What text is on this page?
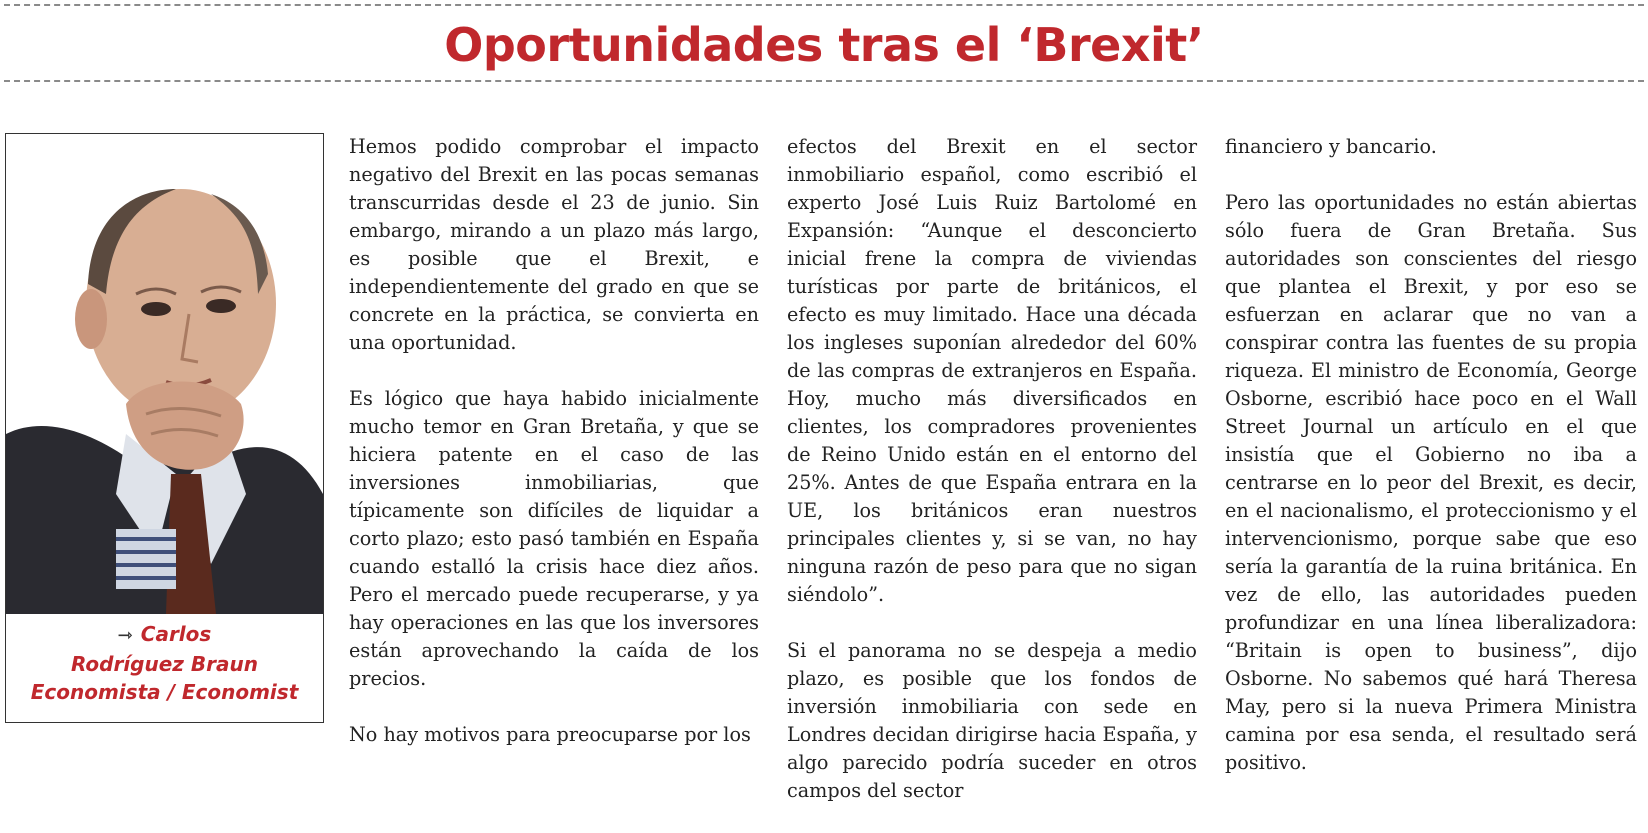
Oportunidades tras el ‘Brexit’
⇾ Carlos
Rodríguez Braun
Economista / Economist

Hemos podido comprobar el impacto negativo del Brexit en las pocas semanas transcurridas desde el 23 de junio. Sin embargo, mirando a un plazo más largo, es posible que el Brexit, e independientemente del grado en que se concrete en la práctica, se convierta en una oportunidad.

Es lógico que haya habido inicialmente mucho temor en Gran Bretaña, y que se hiciera patente en el caso de las inversiones inmobiliarias, que típicamente son difíciles de liquidar a corto plazo; esto pasó también en España cuando estalló la crisis hace diez años. Pero el mercado puede recuperarse, y ya hay operaciones en las que los inversores están aprovechando la caída de los precios.

No hay motivos para preocuparse por los

efectos del Brexit en el sector inmobiliario español, como escribió el experto José Luis Ruiz Bartolomé en Expansión: “Aunque el desconcierto inicial frene la compra de viviendas turísticas por parte de británicos, el efecto es muy limitado. Hace una década los ingleses suponían alrededor del 60% de las compras de extranjeros en España. Hoy, mucho más diversificados en clientes, los compradores provenientes de Reino Unido están en el entorno del 25%. Antes de que España entrara en la UE, los británicos eran nuestros principales clientes y, si se van, no hay ninguna razón de peso para que no sigan siéndolo”.

Si el panorama no se despeja a medio plazo, es posible que los fondos de inversión inmobiliaria con sede en Londres decidan dirigirse hacia España, y algo parecido podría suceder en otros campos del sector

financiero y bancario.

Pero las oportunidades no están abiertas sólo fuera de Gran Bretaña. Sus autoridades son conscientes del riesgo que plantea el Brexit, y por eso se esfuerzan en aclarar que no van a conspirar contra las fuentes de su propia riqueza. El ministro de Economía, George Osborne, escribió hace poco en el Wall Street Journal un artículo en el que insistía que el Gobierno no iba a centrarse en lo peor del Brexit, es decir, en el nacionalismo, el proteccionismo y el intervencionismo, porque sabe que eso sería la garantía de la ruina británica. En vez de ello, las autoridades pueden profundizar en una línea liberalizadora: “Britain is open to business”, dijo Osborne. No sabemos qué hará Theresa May, pero si la nueva Primera Ministra camina por esa senda, el resultado será positivo.
